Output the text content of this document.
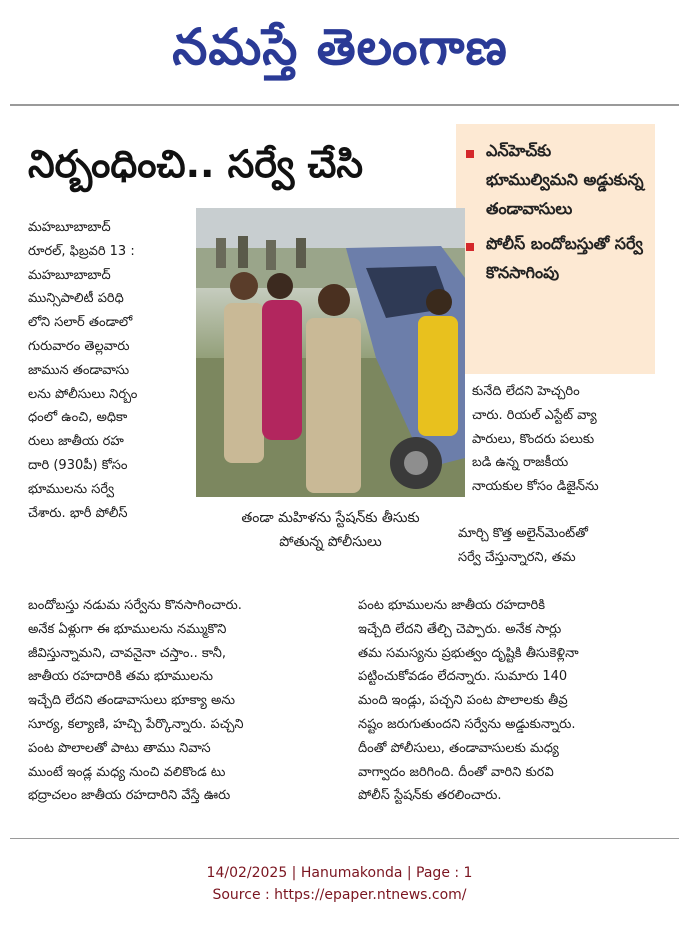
నమస్తే తెలంగాణ
నిర్బంధించి.. సర్వే చేసి	ఎన్‌హెచ్‌కు భూముల్విమని అడ్డుకున్న తండావాసులు
పోలీస్ బందోబస్తుతో సర్వే కొనసాగింపు
తండా మహిళను స్టేషన్‌కు తీసుకు
పోతున్న పోలీసులు
మహబూబాబాద్
రూరల్, ఫిబ్రవరి 13 :
మహబూబాబాద్
మున్సిపాలిటీ పరిధి
లోని సలార్ తండాలో
గురువారం తెల్లవారు
జామున తండావాసు
లను పోలీసులు నిర్బం
ధంలో ఉంచి, అధికా
రులు జాతీయ రహ
దారి (930పీ) కోసం
భూములను సర్వే
చేశారు. భారీ పోలీస్
కునేది లేదని హెచ్చరిం
చారు. రియల్ ఎస్టేట్ వ్యా
పారులు, కొందరు పలుకు
బడి ఉన్న రాజకీయ
నాయకుల కోసం డిజైన్‌ను
మార్చి కొత్త అలైన్‌మెంట్‌తో
సర్వే చేస్తున్నారని, తమ
బందోబస్తు నడుమ సర్వేను కొనసాగించారు.
అనేక ఏళ్లుగా ఈ భూములను నమ్ముకొని
జీవిస్తున్నామని, చావనైనా చస్తాం.. కానీ,
జాతీయ రహదారికి తమ భూములను
ఇచ్చేది లేదని తండావాసులు భూక్యా అను
సూర్య, కల్యాణి, హచ్చి పేర్కొన్నారు. పచ్చని
పంట పొలాలతో పాటు తాము నివాస
ముంటే ఇండ్ల మధ్య నుంచి వలికొండ టు
భద్రాచలం జాతీయ రహదారిని వేస్తే ఊరు
పంట భూములను జాతీయ రహదారికి
ఇచ్చేది లేదని తేల్చి చెప్పారు. అనేక సార్లు
తమ సమస్యను ప్రభుత్వం దృష్టికి తీసుకెళ్లినా
పట్టించుకోవడం లేదన్నారు. సుమారు 140
మంది ఇండ్లు, పచ్చని పంట పొలాలకు తీవ్ర
నష్టం జరుగుతుందని సర్వేను అడ్డుకున్నారు.
దీంతో పోలీసులు, తండావాసులకు మధ్య
వాగ్వాదం జరిగింది. దీంతో వారిని కురవి
పోలీస్ స్టేషన్‌కు తరలించారు.
14/02/2025 | Hanumakonda | Page : 1
Source : https://epaper.ntnews.com/
